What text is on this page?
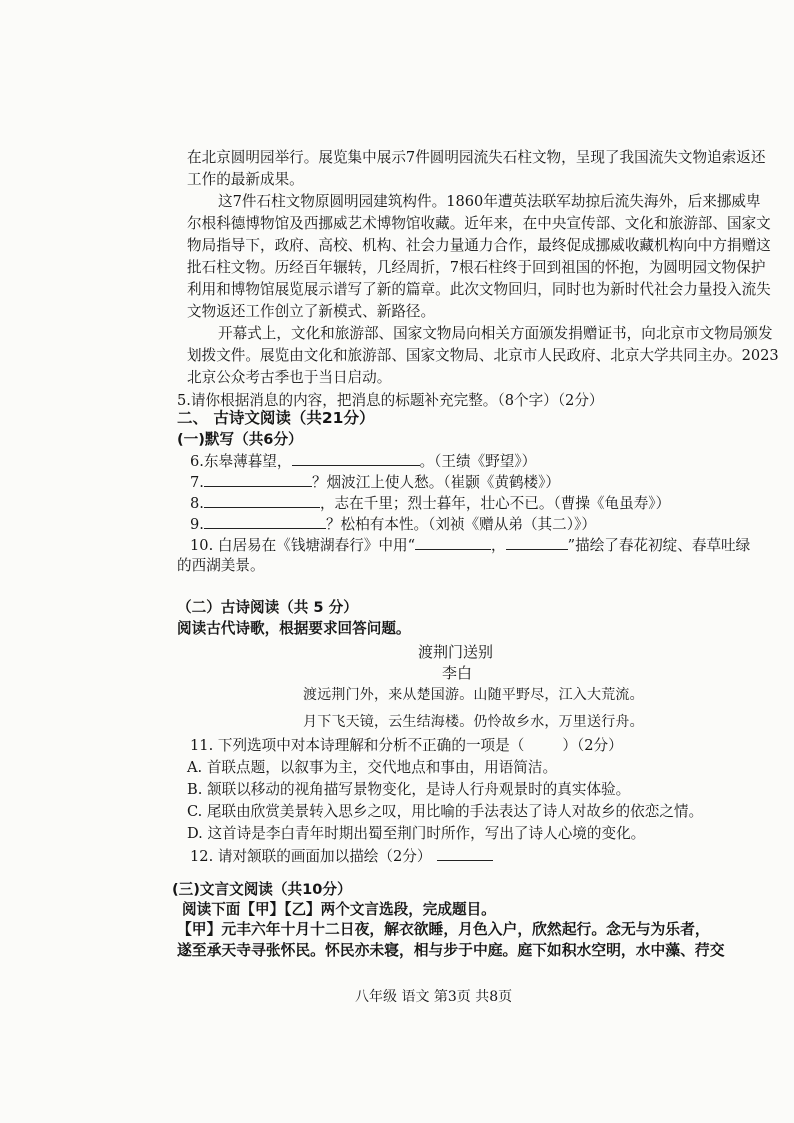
在北京圆明园举行。展览集中展示7件圆明园流失石柱文物，呈现了我国流失文物追索返还
工作的最新成果。
这7件石柱文物原圆明园建筑构件。1860年遭英法联军劫掠后流失海外，后来挪威卑
尔根科德博物馆及西挪威艺术博物馆收藏。近年来，在中央宣传部、文化和旅游部、国家文
物局指导下，政府、高校、机构、社会力量通力合作，最终促成挪威收藏机构向中方捐赠这
批石柱文物。历经百年辗转，几经周折，7根石柱终于回到祖国的怀抱，为圆明园文物保护
利用和博物馆展览展示谱写了新的篇章。此次文物回归，同时也为新时代社会力量投入流失
文物返还工作创立了新模式、新路径。
开幕式上，文化和旅游部、国家文物局向相关方面颁发捐赠证书，向北京市文物局颁发
划拨文件。展览由文化和旅游部、国家文物局、北京市人民政府、北京大学共同主办。2023
北京公众考古季也于当日启动。
5.请你根据消息的内容，把消息的标题补充完整。（8个字）（2分）
二、 古诗文阅读（共21分）
(一)默写（共6分）
6.东皋薄暮望，	。（王绩《野望》）
7.	？烟波江上使人愁。（崔颢《黄鹤楼》）
8.	，志在千里；烈士暮年，壮心不已。（曹操《龟虽寿》）
9.	？松柏有本性。（刘祯《赠从弟（其二）》）
10. 白居易在《钱塘湖春行》中用“	，	”描绘了春花初绽、春草吐绿
的西湖美景。
（二）古诗阅读（共 5 分）
阅读古代诗歌，根据要求回答问题。
渡荆门送别
李白
渡远荆门外，来从楚国游。山随平野尽，江入大荒流。
月下飞天镜，云生结海楼。仍怜故乡水，万里送行舟。
11. 下列选项中对本诗理解和分析不正确的一项是（	）（2分）
A. 首联点题，以叙事为主，交代地点和事由，用语简洁。
B. 颔联以移动的视角描写景物变化，是诗人行舟观景时的真实体验。
C. 尾联由欣赏美景转入思乡之叹，用比喻的手法表达了诗人对故乡的依恋之情。
D. 这首诗是李白青年时期出蜀至荆门时所作，写出了诗人心境的变化。
12. 请对颔联的画面加以描绘（2分）
(三)文言文阅读（共10分）
阅读下面【甲】【乙】两个文言选段，完成题目。
【甲】元丰六年十月十二日夜，解衣欲睡，月色入户，欣然起行。念无与为乐者，
遂至承天寺寻张怀民。怀民亦未寝，相与步于中庭。庭下如积水空明，水中藻、荇交
八年级 语文 第3页 共8页
